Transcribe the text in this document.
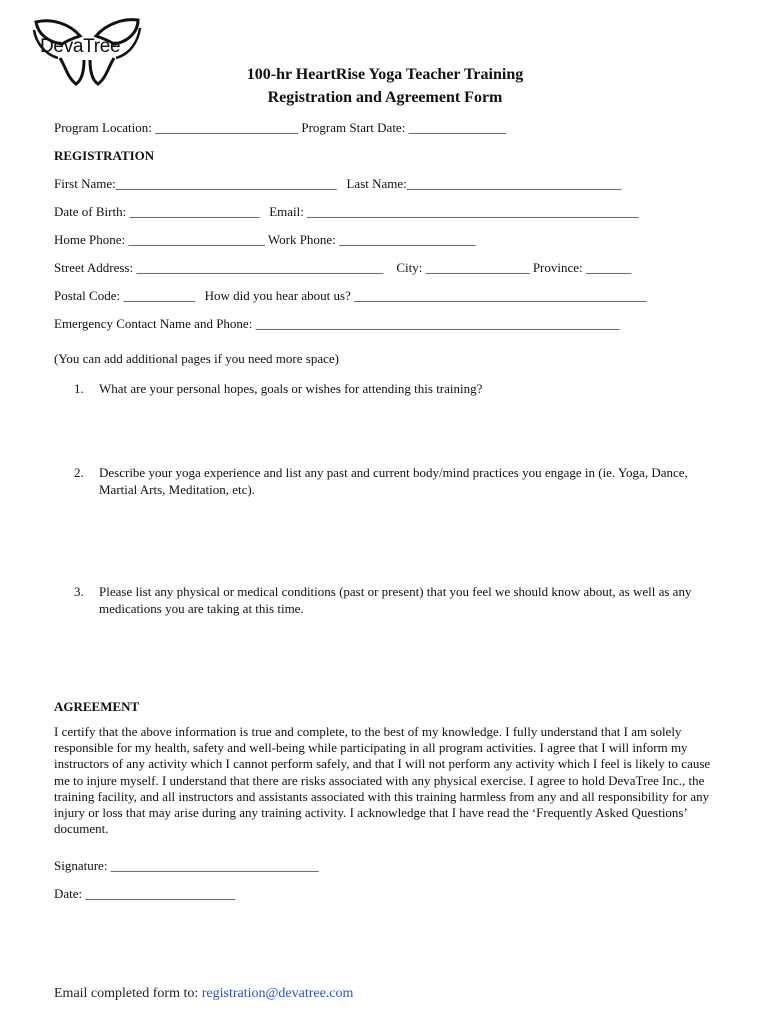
DevaTree
100-hr HeartRise Yoga Teacher Training
Registration and Agreement Form
Program Location: ______________________ Program Start Date: _______________
REGISTRATION
First Name:__________________________________   Last Name:_________________________________
Date of Birth: ____________________   Email: ___________________________________________________
Home Phone: _____________________ Work Phone: _____________________
Street Address: ______________________________________    City: ________________ Province: _______
Postal Code: ___________   How did you hear about us? _____________________________________________
Emergency Contact Name and Phone: ________________________________________________________
(You can add additional pages if you need more space)
1.	What are your personal hopes, goals or wishes for attending this training?
2.	Describe your yoga experience and list any past and current body/mind practices you engage in (ie. Yoga, Dance, Martial Arts, Meditation, etc).
3.	Please list any physical or medical conditions (past or present) that you feel we should know about, as well as any medications you are taking at this time.
AGREEMENT
I certify that the above information is true and complete, to the best of my knowledge. I fully understand that I am solely responsible for my health, safety and well-being while participating in all program activities. I agree that I will inform my instructors of any activity which I cannot perform safely, and that I will not perform any activity which I feel is likely to cause me to injure myself. I understand that there are risks associated with any physical exercise. I agree to hold DevaTree Inc., the training facility, and all instructors and assistants associated with this training harmless from any and all responsibility for any injury or loss that may arise during any training activity. I acknowledge that I have read the ‘Frequently Asked Questions’ document.
Signature: ________________________________
Date: _______________________
Email completed form to: registration@devatree.com
